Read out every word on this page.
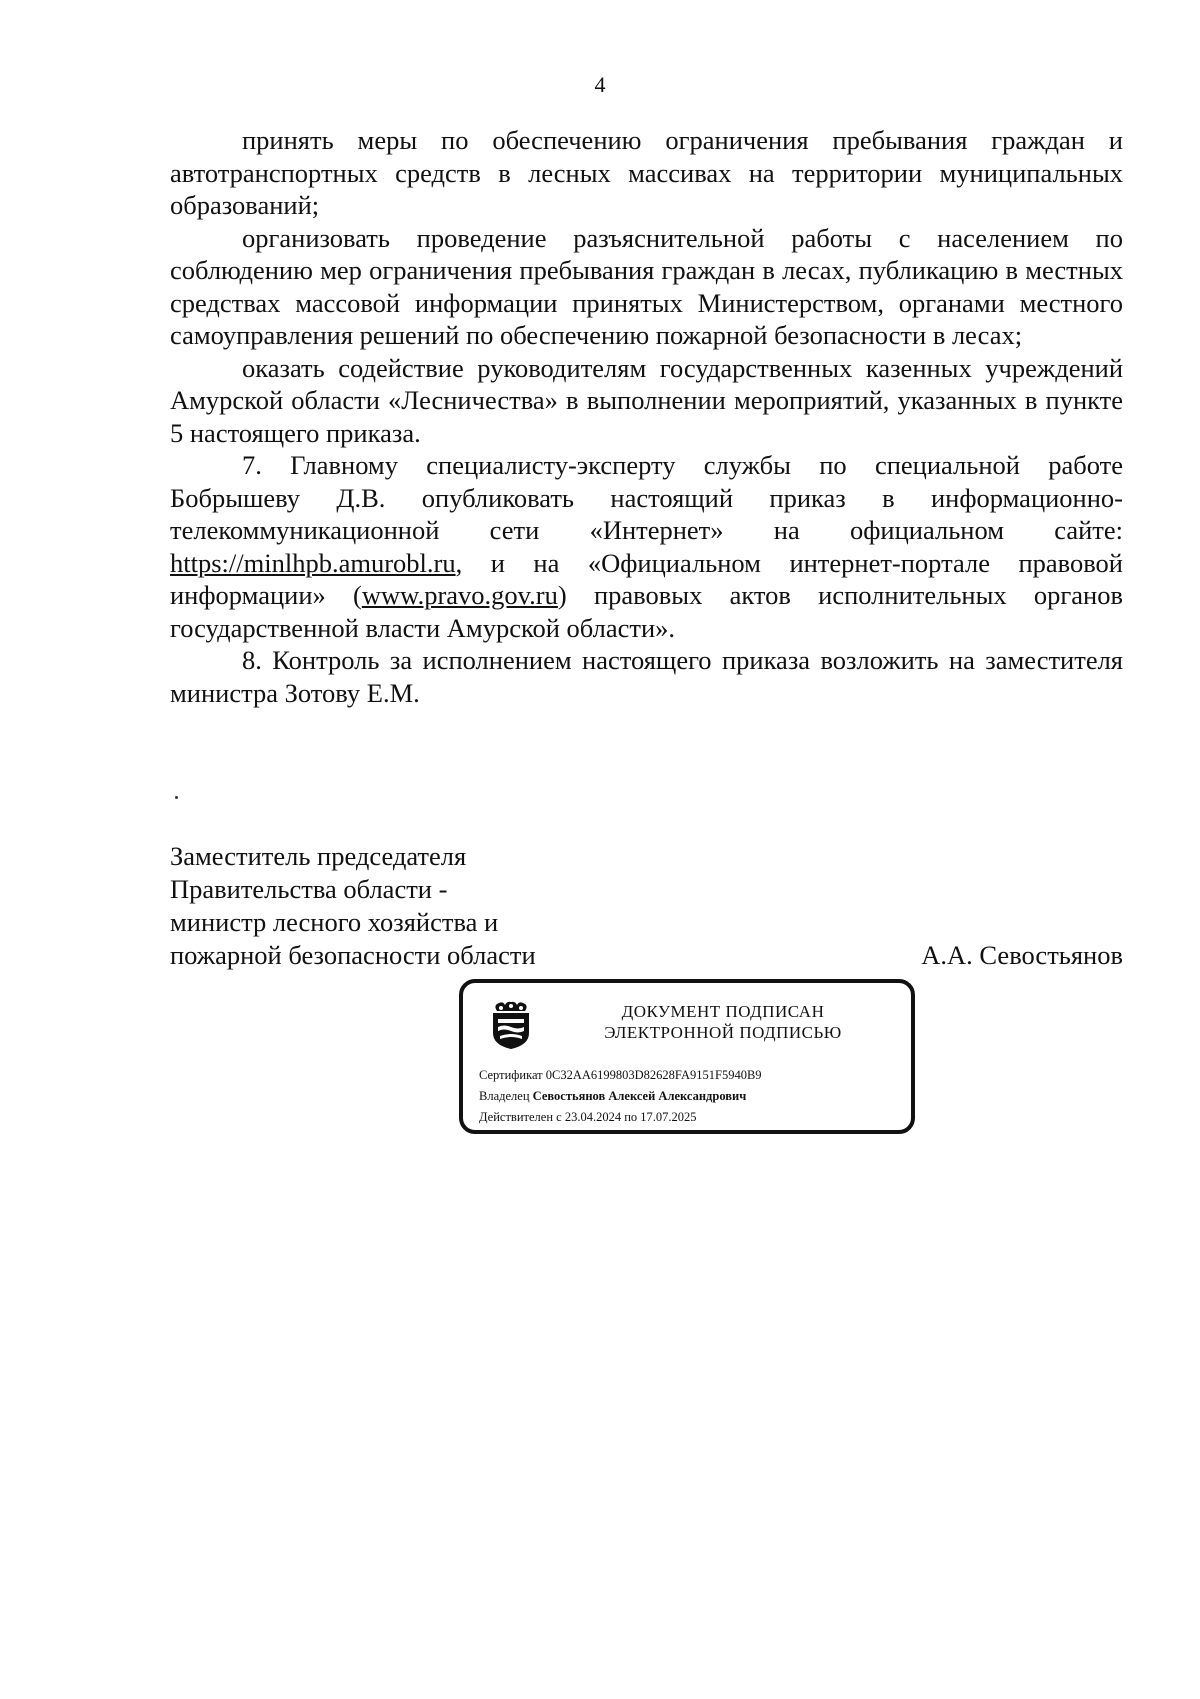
4

принять меры по обеспечению ограничения пребывания граждан и автотранспортных средств в лесных массивах на территории муниципальных образований;

организовать проведение разъяснительной работы с населением по соблюдению мер ограничения пребывания граждан в лесах, публикацию в местных средствах массовой информации принятых Министерством, органами местного самоуправления решений по обеспечению пожарной безопасности в лесах;

оказать содействие руководителям государственных казенных учреждений Амурской области «Лесничества» в выполнении мероприятий, указанных в пункте 5 настоящего приказа.

7. Главному специалисту-эксперту службы по специальной работе Бобрышеву Д.В. опубликовать настоящий приказ в информационно-телекоммуникационной сети «Интернет» на официальном сайте: https://minlhpb.amurobl.ru, и на «Официальном интернет-портале правовой информации» (www.pravo.gov.ru) правовых актов исполнительных органов государственной власти Амурской области».

8. Контроль за исполнением настоящего приказа возложить на заместителя министра Зотову Е.М.

Заместитель председателя
Правительства области -
министр лесного хозяйства и
пожарной безопасности области	А.А. Севостьянов
ДОКУМЕНТ ПОДПИСАН
ЭЛЕКТРОННОЙ ПОДПИСЬЮ
Сертификат 0C32AA6199803D82628FA9151F5940B9
Владелец Севостьянов Алексей Александрович
Действителен с 23.04.2024 по 17.07.2025
